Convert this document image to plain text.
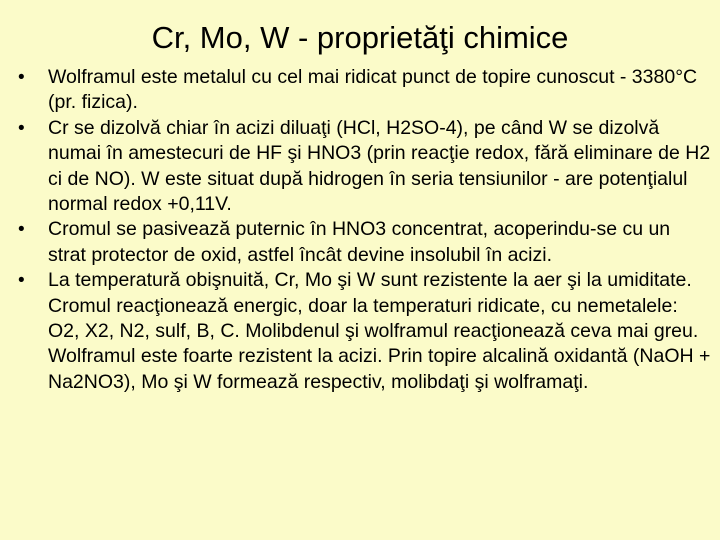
Cr, Mo, W - proprietăţi chimice
•	Wolframul este metalul cu cel mai ridicat punct de topire cunoscut - 3380°C (pr. fizica).
•	Cr se dizolvă chiar în acizi diluaţi (HCl, H2SO-4), pe când W se dizolvă numai în amestecuri de HF şi HNO3 (prin reacţie redox, fără eliminare de H2 ci de NO). W este situat după hidrogen în seria tensiunilor - are potenţialul normal redox +0,11V.
•	Cromul se pasivează puternic în HNO3 concentrat, acoperindu-se cu un strat protector de oxid, astfel încât devine insolubil în acizi.
•	La temperatură obişnuită, Cr, Mo şi W sunt rezistente la aer şi la umiditate. Cromul reacţionează energic, doar la temperaturi ridicate, cu nemetalele: O2, X2, N2, sulf, B, C. Molibdenul şi wolframul reacţionează ceva mai greu. Wolframul este foarte rezistent la acizi. Prin topire alcalină oxidantă (NaOH + Na2NO3), Mo şi W formează respectiv, molibdaţi şi wolframaţi.
